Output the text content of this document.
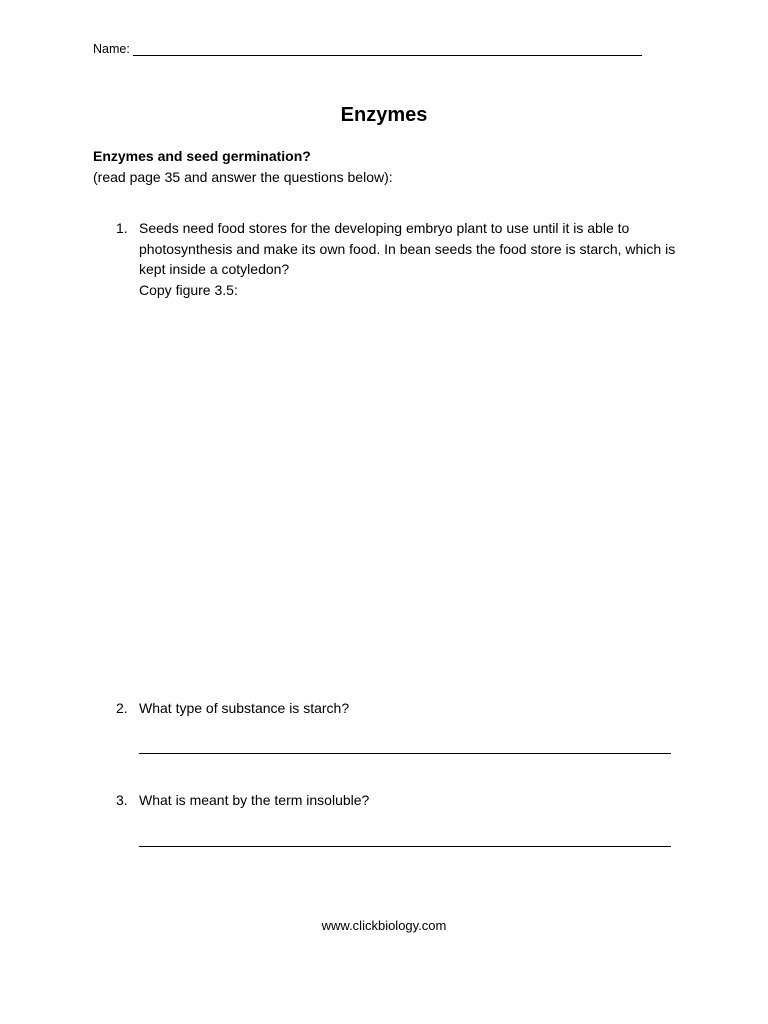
Name:
Enzymes
Enzymes and seed germination?
(read page 35 and answer the questions below):
1. Seeds need food stores for the developing embryo plant to use until it is able to photosynthesis and make its own food. In bean seeds the food store is starch, which is kept inside a cotyledon?
Copy figure 3.5:
2. What type of substance is starch?
3. What is meant by the term insoluble?
www.clickbiology.com
